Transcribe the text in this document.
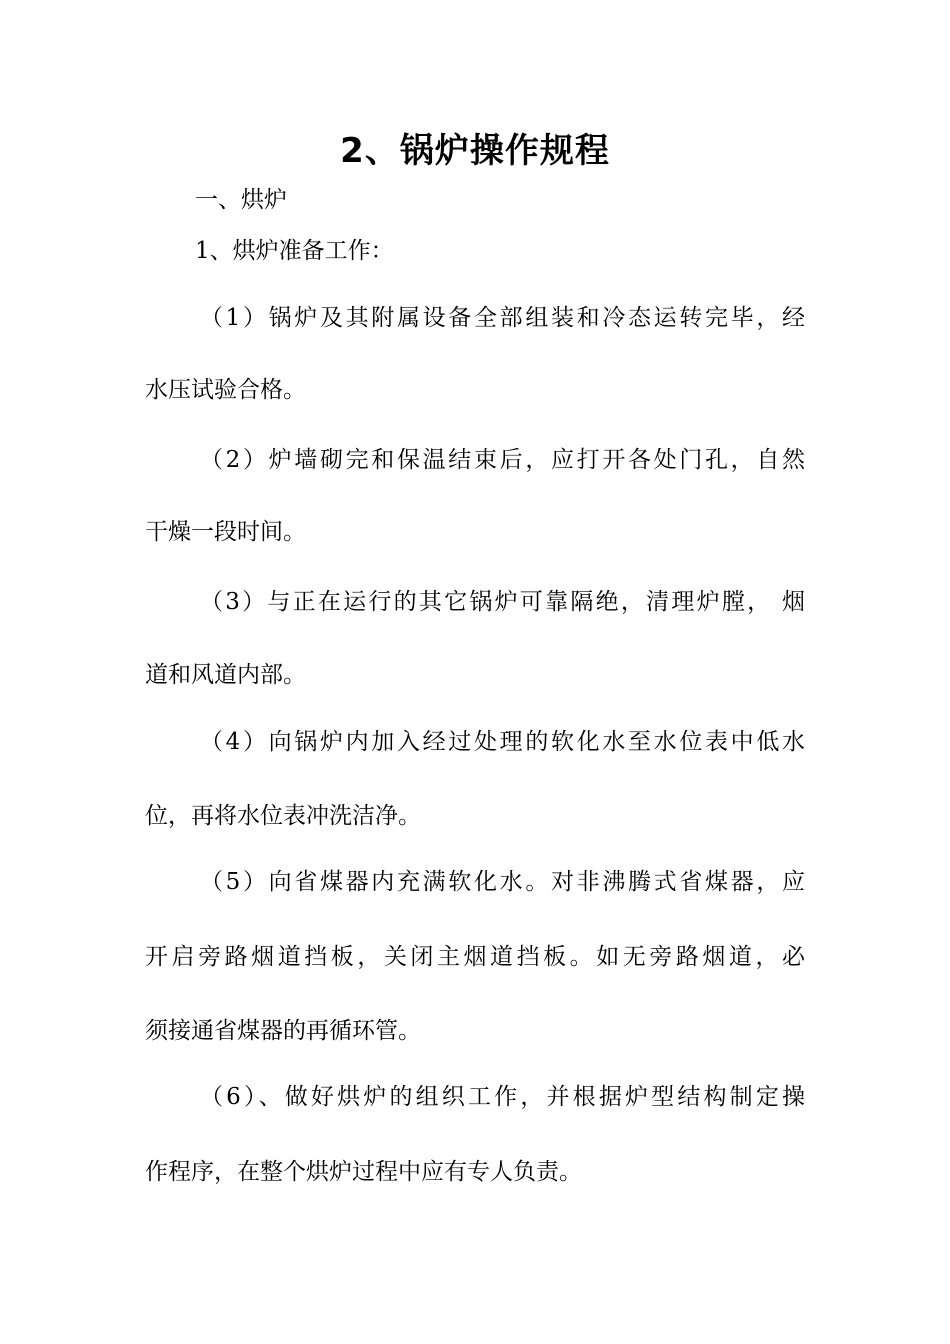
2、锅炉操作规程
一、烘炉
1、烘炉准备工作：
（1）锅炉及其附属设备全部组装和冷态运转完毕，经
水压试验合格。
（2）炉墙砌完和保温结束后，应打开各处门孔，自然
干燥一段时间。
（3）与正在运行的其它锅炉可靠隔绝，清理炉膛， 烟
道和风道内部。
（4）向锅炉内加入经过处理的软化水至水位表中低水
位，再将水位表冲洗洁净。
（5）向省煤器内充满软化水。对非沸腾式省煤器，应
开启旁路烟道挡板，关闭主烟道挡板。如无旁路烟道，必
须接通省煤器的再循环管。
（6）、做好烘炉的组织工作，并根据炉型结构制定操
作程序，在整个烘炉过程中应有专人负责。
